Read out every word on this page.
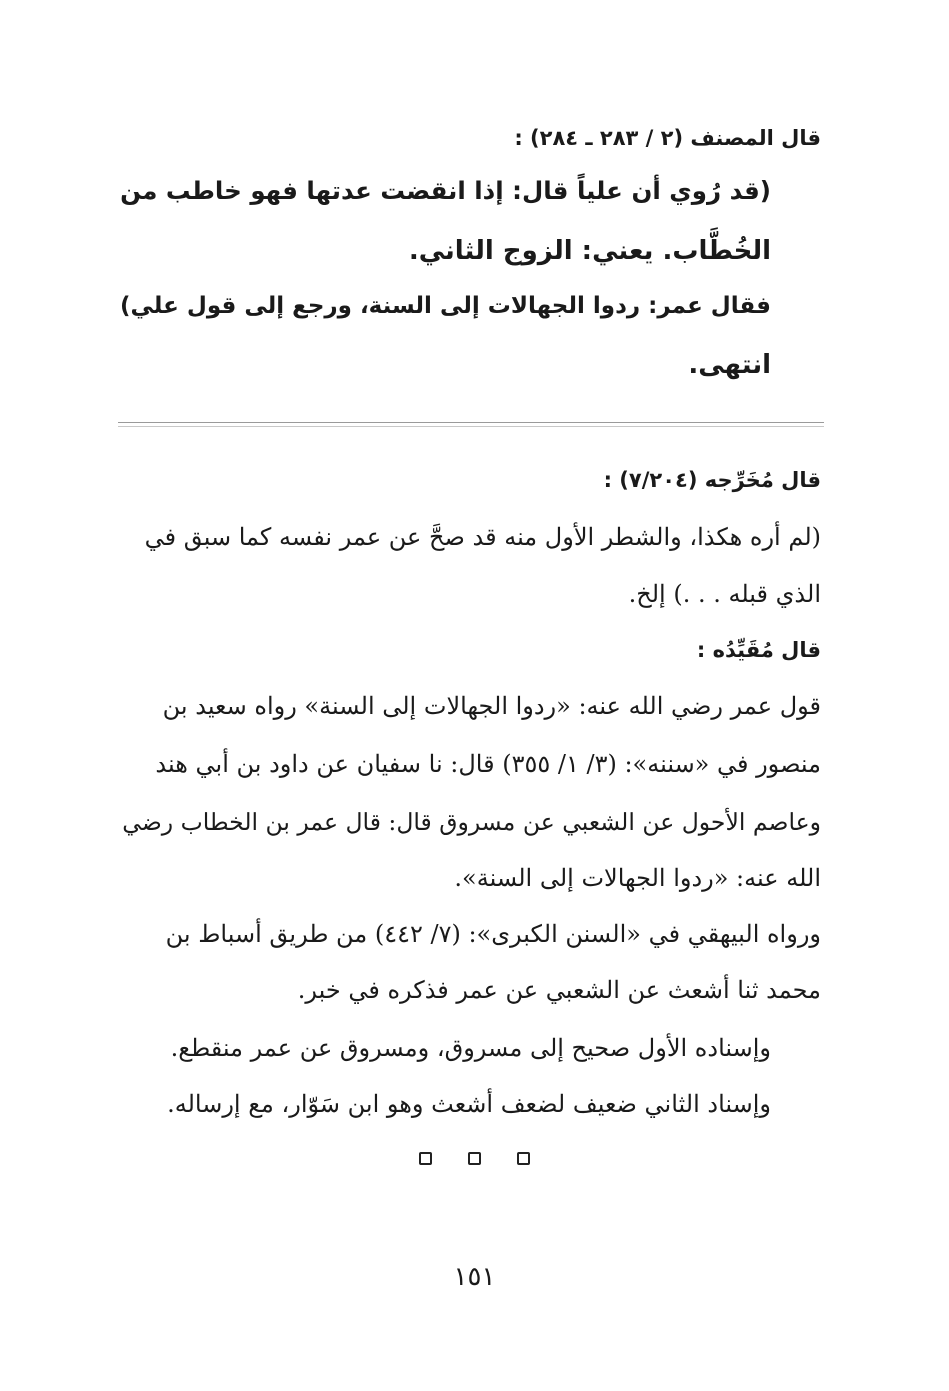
قال المصنف (٢ / ٢٨٣ ـ ٢٨٤) :
(قد رُوي أن علياً قال: إذا انقضت عدتها فهو خاطب من
الخُطَّاب. يعني: الزوج الثاني.
فقال عمر: ردوا الجهالات إلى السنة، ورجع إلى قول علي)
انتهى.
قال مُخَرِّجه (٧/٢٠٤) :
(لم أره هكذا، والشطر الأول منه قد صحَّ عن عمر نفسه كما سبق في
الذي قبله . . .) إلخ.
قال مُقَيِّدُه :
قول عمر رضي الله عنه: «ردوا الجهالات إلى السنة» رواه سعيد بن
منصور في «سننه»: (٣/ ١/ ٣٥٥) قال: نا سفيان عن داود بن أبي هند
وعاصم الأحول عن الشعبي عن مسروق قال: قال عمر بن الخطاب رضي
الله عنه: «ردوا الجهالات إلى السنة».
ورواه البيهقي في «السنن الكبرى»: (٧/ ٤٤٢) من طريق أسباط بن
محمد ثنا أشعث عن الشعبي عن عمر فذكره في خبر.
وإسناده الأول صحيح إلى مسروق، ومسروق عن عمر منقطع.
وإسناد الثاني ضعيف لضعف أشعث وهو ابن سَوّار، مع إرساله.
١٥١
